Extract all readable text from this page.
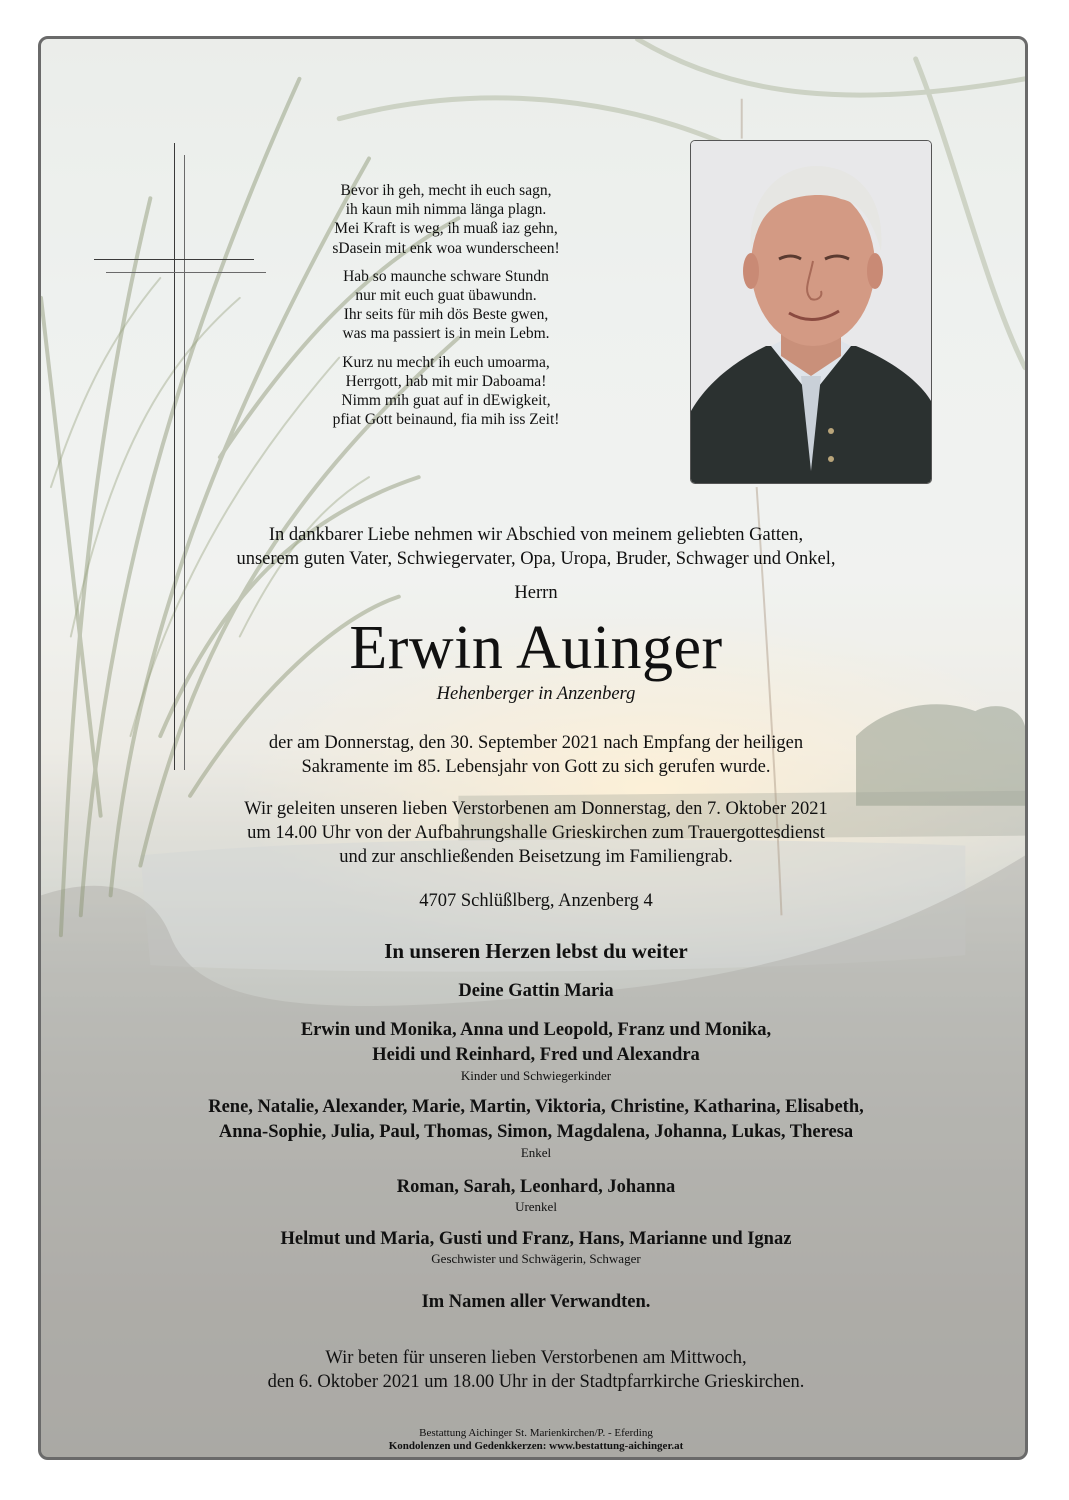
Bevor ih geh, mecht ih euch sagn,
ih kaun mih nimma länga plagn.
Mei Kraft is weg, ih muaß iaz gehn,
sDasein mit enk woa wunderscheen!
Hab so maunche schware Stundn
nur mit euch guat übawundn.
Ihr seits für mih dös Beste gwen,
was ma passiert is in mein Lebm.
Kurz nu mecht ih euch umoarma,
Herrgott, hab mit mir Daboama!
Nimm mih guat auf in dEwigkeit,
pfiat Gott beinaund, fia mih iss Zeit!
In dankbarer Liebe nehmen wir Abschied von meinem geliebten Gatten,
unserem guten Vater, Schwiegervater, Opa, Uropa, Bruder, Schwager und Onkel,
Herrn
Erwin Auinger
Hehenberger in Anzenberg
der am Donnerstag, den 30. September 2021 nach Empfang der heiligen
Sakramente im 85. Lebensjahr von Gott zu sich gerufen wurde.
Wir geleiten unseren lieben Verstorbenen am Donnerstag, den 7. Oktober 2021
um 14.00 Uhr von der Aufbahrungshalle Grieskirchen zum Trauergottesdienst
und zur anschließenden Beisetzung im Familiengrab.
4707 Schlüßlberg, Anzenberg 4
In unseren Herzen lebst du weiter
Deine Gattin Maria
Erwin und Monika, Anna und Leopold, Franz und Monika,
Heidi und Reinhard, Fred und Alexandra
Kinder und Schwiegerkinder
Rene, Natalie, Alexander, Marie, Martin, Viktoria, Christine, Katharina, Elisabeth,
Anna-Sophie, Julia, Paul, Thomas, Simon, Magdalena, Johanna, Lukas, Theresa
Enkel
Roman, Sarah, Leonhard, Johanna
Urenkel
Helmut und Maria, Gusti und Franz, Hans, Marianne und Ignaz
Geschwister und Schwägerin, Schwager
Im Namen aller Verwandten.
Wir beten für unseren lieben Verstorbenen am Mittwoch,
den 6. Oktober 2021 um 18.00 Uhr in der Stadtpfarrkirche Grieskirchen.
Bestattung Aichinger St. Marienkirchen/P. - Eferding
Kondolenzen und Gedenkkerzen: www.bestattung-aichinger.at
